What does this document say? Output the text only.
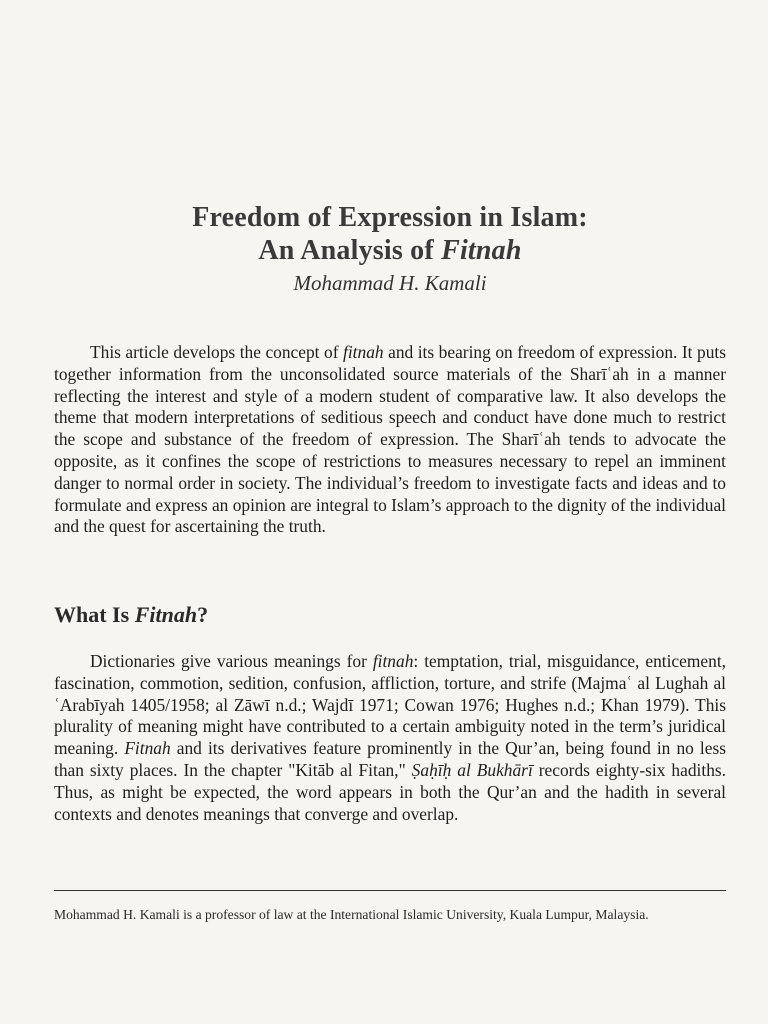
Freedom of Expression in Islam:
An Analysis of Fitnah
Mohammad H. Kamali

This article develops the concept of fitnah and its bearing on freedom of expression. It puts together information from the unconsolidated source materials of the Sharīʿah in a manner reflecting the interest and style of a modern student of comparative law. It also develops the theme that modern interpretations of seditious speech and conduct have done much to restrict the scope and substance of the freedom of expression. The Sharīʿah tends to advocate the opposite, as it confines the scope of restrictions to measures necessary to repel an imminent danger to normal order in society. The individual’s freedom to investigate facts and ideas and to formulate and express an opinion are integral to Islam’s approach to the dignity of the individual and the quest for ascertaining the truth.

What Is Fitnah?

Dictionaries give various meanings for fitnah: temptation, trial, misguidance, enticement, fascination, commotion, sedition, confusion, affliction, torture, and strife (Majmaʿ al Lughah al ʿArabīyah 1405/1958; al Zāwī n.d.; Wajdī 1971; Cowan 1976; Hughes n.d.; Khan 1979). This plurality of meaning might have contributed to a certain ambiguity noted in the term’s juridical meaning. Fitnah and its derivatives feature prominently in the Qur’an, being found in no less than sixty places. In the chapter "Kitāb al Fitan," Ṣaḥīḥ al Bukhārī records eighty-six hadiths. Thus, as might be expected, the word appears in both the Qur’an and the hadith in several contexts and denotes meanings that converge and overlap.

Mohammad H. Kamali is a professor of law at the International Islamic University, Kuala Lumpur, Malaysia.
